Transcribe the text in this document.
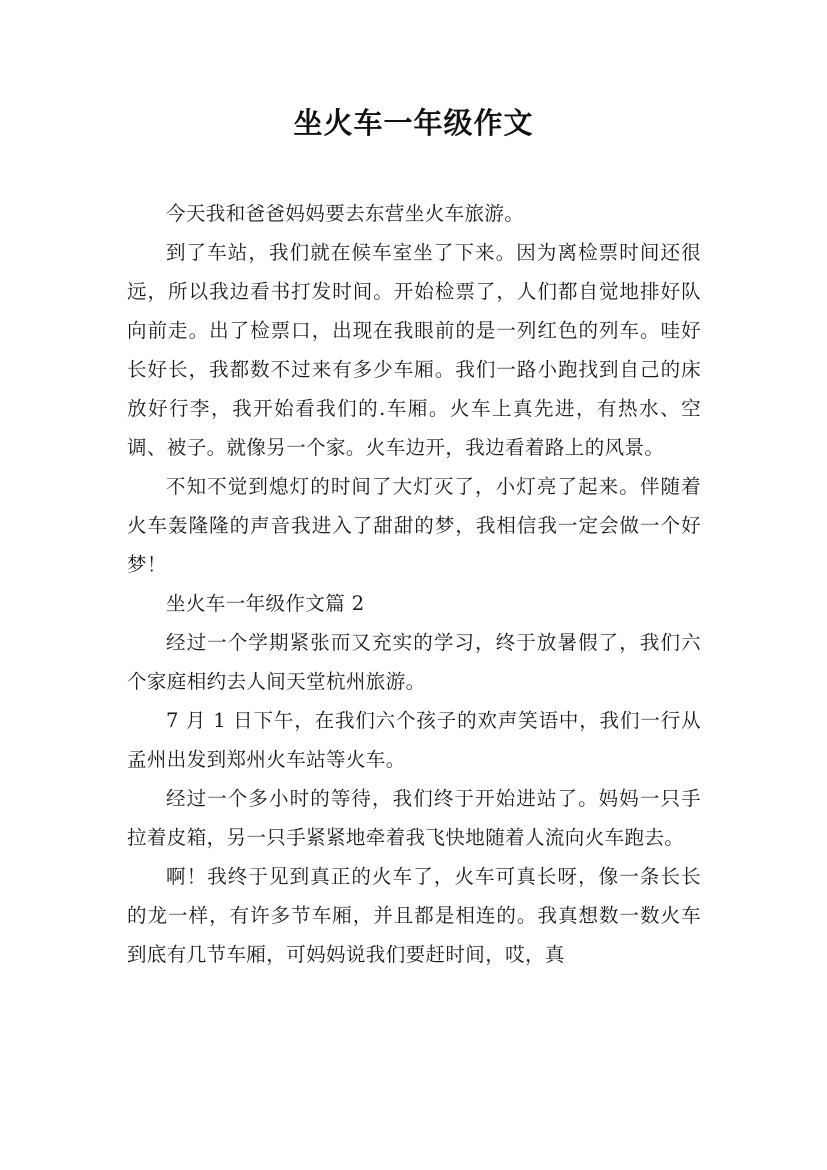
坐火车一年级作文

今天我和爸爸妈妈要去东营坐火车旅游。

到了车站，我们就在候车室坐了下来。因为离检票时间还很远，所以我边看书打发时间。开始检票了，人们都自觉地排好队向前走。出了检票口，出现在我眼前的是一列红色的列车。哇好长好长，我都数不过来有多少车厢。我们一路小跑找到自己的床放好行李，我开始看我们的.车厢。火车上真先进，有热水、空调、被子。就像另一个家。火车边开，我边看着路上的风景。

不知不觉到熄灯的时间了大灯灭了，小灯亮了起来。伴随着火车轰隆隆的声音我进入了甜甜的梦，我相信我一定会做一个好梦！

坐火车一年级作文篇 2

经过一个学期紧张而又充实的学习，终于放暑假了，我们六个家庭相约去人间天堂杭州旅游。

7 月 1 日下午，在我们六个孩子的欢声笑语中，我们一行从孟州出发到郑州火车站等火车。

经过一个多小时的等待，我们终于开始进站了。妈妈一只手拉着皮箱，另一只手紧紧地牵着我飞快地随着人流向火车跑去。

啊！我终于见到真正的火车了，火车可真长呀，像一条长长的龙一样，有许多节车厢，并且都是相连的。我真想数一数火车到底有几节车厢，可妈妈说我们要赶时间，哎，真
